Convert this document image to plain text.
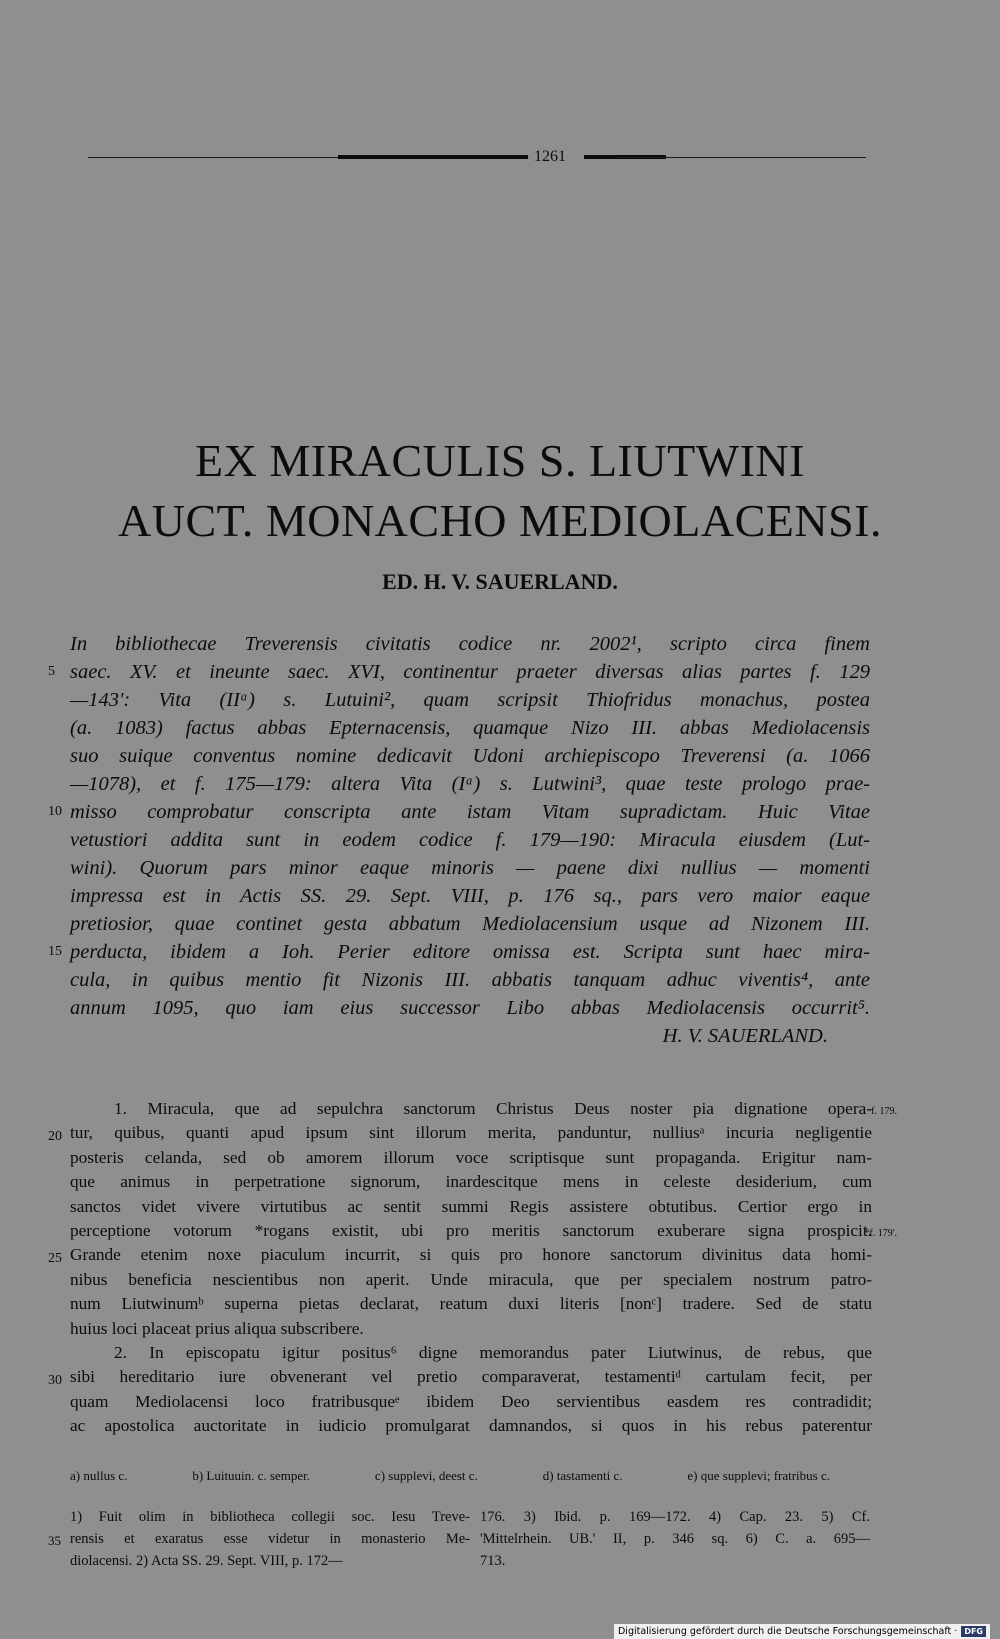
1261
EX MIRACULIS S. LIUTWINI
AUCT. MONACHO MEDIOLACENSI.
ED. H. V. SAUERLAND.
In bibliothecae Treverensis civitatis codice nr. 2002¹, scripto circa finem
5 saec. XV. et ineunte saec. XVI, continentur praeter diversas alias partes f. 129
—143': Vita (IIᵃ) s. Lutuini², quam scripsit Thiofridus monachus, postea
(a. 1083) factus abbas Epternacensis, quamque Nizo III. abbas Mediolacensis
suo suique conventus nomine dedicavit Udoni archiepiscopo Treverensi (a. 1066
—1078), et f. 175—179: altera Vita (Iᵃ) s. Lutwini³, quae teste prologo prae-
10 misso comprobatur conscripta ante istam Vitam supradictam. Huic Vitae
vetustiori addita sunt in eodem codice f. 179—190: Miracula eiusdem (Lut-
wini). Quorum pars minor eaque minoris — paene dixi nullius — momenti
impressa est in Actis SS. 29. Sept. VIII, p. 176 sq., pars vero maior eaque
pretiosior, quae continet gesta abbatum Mediolacensium usque ad Nizonem III.
15 perducta, ibidem a Ioh. Perier editore omissa est. Scripta sunt haec mira-
cula, in quibus mentio fit Nizonis III. abbatis tanquam adhuc viventis⁴, ante
annum 1095, quo iam eius successor Libo abbas Mediolacensis occurrit⁵.
H. V. SAUERLAND.
1. Miracula, que ad sepulchra sanctorum Christus Deus noster pia dignatione opera- f. 179.
20 tur, quibus, quanti apud ipsum sint illorum merita, panduntur, nulliusᵃ incuria negligentie
posteris celanda, sed ob amorem illorum voce scriptisque sunt propaganda. Erigitur nam-
que animus in perpetratione signorum, inardescitque mens in celeste desiderium, cum
sanctos videt vivere virtutibus ac sentit summi Regis assistere obtutibus. Certior ergo in
perceptione votorum *rogans existit, ubi pro meritis sanctorum exuberare signa prospicit.
*f. 179'.
25 Grande etenim noxe piaculum incurrit, si quis pro honore sanctorum divinitus data homi-
nibus beneficia nescientibus non aperit. Unde miracula, que per specialem nostrum patro-
num Liutwinumᵇ superna pietas declarat, reatum duxi literis [nonᶜ] tradere. Sed de statu
huius loci placeat prius aliqua subscribere.
2. In episcopatu igitur positus⁶ digne memorandus pater Liutwinus, de rebus, que
30 sibi hereditario iure obvenerant vel pretio comparaverat, testamentiᵈ cartulam fecit, per
quam Mediolacensi loco fratribusqueᵉ ibidem Deo servientibus easdem res contradidit;
ac apostolica auctoritate in iudicio promulgarat damnandos, si quos in his rebus paterentur
a) nullus c.	b) Luituuin. c. semper.	c) supplevi, deest c.	d) tastamenti c.	e) que supplevi; fratribus c.
1) Fuit olim in bibliotheca collegii soc. Iesu Treve-
35 rensis et exaratus esse videtur in monasterio Me-
diolacensi. 2) Acta SS. 29. Sept. VIII, p. 172—
176. 3) Ibid. p. 169—172. 4) Cap. 23. 5) Cf.
'Mittelrhein. UB.' II, p. 346 sq. 6) C. a. 695—
713.
Digitalisierung gefördert durch die Deutsche Forschungsgemeinschaft · DFG
